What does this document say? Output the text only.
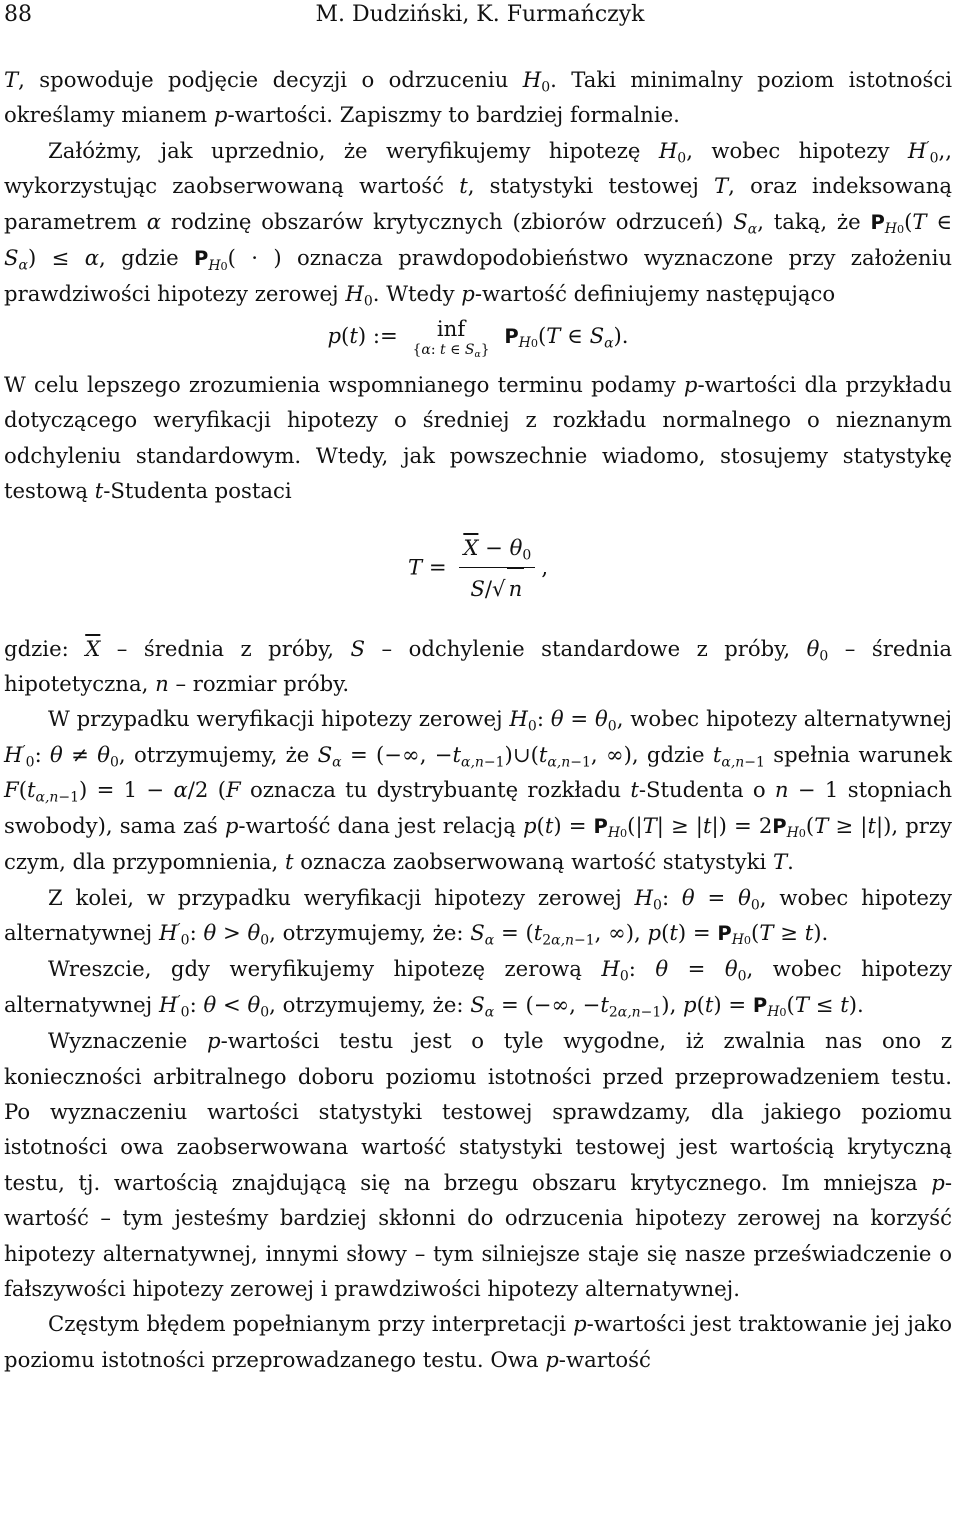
88	M. Dudziński, K. Furmańczyk

T, spowoduje podjęcie decyzji o odrzuceniu $H_0$. Taki minimalny poziom istotności określamy mianem p-wartości. Zapiszmy to bardziej formalnie.

Załóżmy, jak uprzednio, że weryfikujemy hipotezę $H_0$, wobec hipotezy $H'_0$,, wykorzystując zaobserwowaną wartość t, statystyki testowej T, oraz indeksowaną parametrem α rodzinę obszarów krytycznych (zbiorów odrzuceń) $S_\alpha$, taką, że $P_{H0}(T$ ∈ $S_\alpha) \le \alpha$, gdzie $P_{H0}$( · ) oznacza prawdopodobieństwo wyznaczone przy założeniu prawdziwości hipotezy zerowej $H_0$. Wtedy p-wartość definiujemy następująco

p(t) :=	inf
{α: t ∈ $S_\alpha$}
$P_{H0}(T$ ∈ $S_\alpha$).

W celu lepszego zrozumienia wspomnianego terminu podamy p-wartości dla przykładu dotyczącego weryfikacji hipotezy o średniej z rozkładu normalnego o nieznanym odchyleniu standardowym. Wtedy, jak powszechnie wiadomo, stosujemy statystykę testową t-Studenta postaci

$T = \frac{\overline{X} - \theta_0}{S/√ n}$ ,

gdzie: $\overline{X}$ – średnia z próby, S – odchylenie standardowe z próby, $\theta_0$ – średnia hipotetyczna, n – rozmiar próby.

W przypadku weryfikacji hipotezy zerowej $H_0$: $\theta = \theta_0$, wobec hipotezy alternatywnej $H'_0$: $\theta \ne \theta_0$, otrzymujemy, że $S_\alpha$ = (−∞, $-t_{\alpha,n-1})\cup(t_{\alpha,n-1}$, ∞), gdzie $t_{\alpha,n-1}$ spełnia warunek $F(t_{\alpha,n-1}) = 1 - \alpha/2$ (F oznacza tu dystrybuantę rozkładu t-Studenta o n − 1 stopniach swobody), sama zaś p-wartość dana jest relacją $p(t) = P_{H0}(|T| \ge |t|) = 2P_{H0}(T \ge |t|)$, przy czym, dla przypomnienia, t oznacza zaobserwowaną wartość statystyki T.

Z kolei, w przypadku weryfikacji hipotezy zerowej $H_0$: $\theta = \theta_0$, wobec hipotezy alternatywnej $H'_0$: $\theta > \theta_0$, otrzymujemy, że: $S_\alpha = (t_{2\alpha,n-1}$, ∞), $p(t) = P_{H0}(T \ge t)$.

Wreszcie, gdy weryfikujemy hipotezę zerową $H_0$: $\theta = \theta_0$, wobec hipotezy alternatywnej $H'_0$: $\theta < \theta_0$, otrzymujemy, że: $S_\alpha$ = (−∞, $-t_{2\alpha,n-1}$), $p(t) = P_{H0}(T \le t)$.

Wyznaczenie p-wartości testu jest o tyle wygodne, iż zwalnia nas ono z konieczności arbitralnego doboru poziomu istotności przed przeprowadzeniem testu. Po wyznaczeniu wartości statystyki testowej sprawdzamy, dla jakiego poziomu istotności owa zaobserwowana wartość statystyki testowej jest wartością krytyczną testu, tj. wartością znajdującą się na brzegu obszaru krytycznego. Im mniejsza p-wartość – tym jesteśmy bardziej skłonni do odrzucenia hipotezy zerowej na korzyść hipotezy alternatywnej, innymi słowy – tym silniejsze staje się nasze przeświadczenie o fałszywości hipotezy zerowej i prawdziwości hipotezy alternatywnej.

Częstym błędem popełnianym przy interpretacji p-wartości jest traktowanie jej jako poziomu istotności przeprowadzanego testu. Owa p-wartość
